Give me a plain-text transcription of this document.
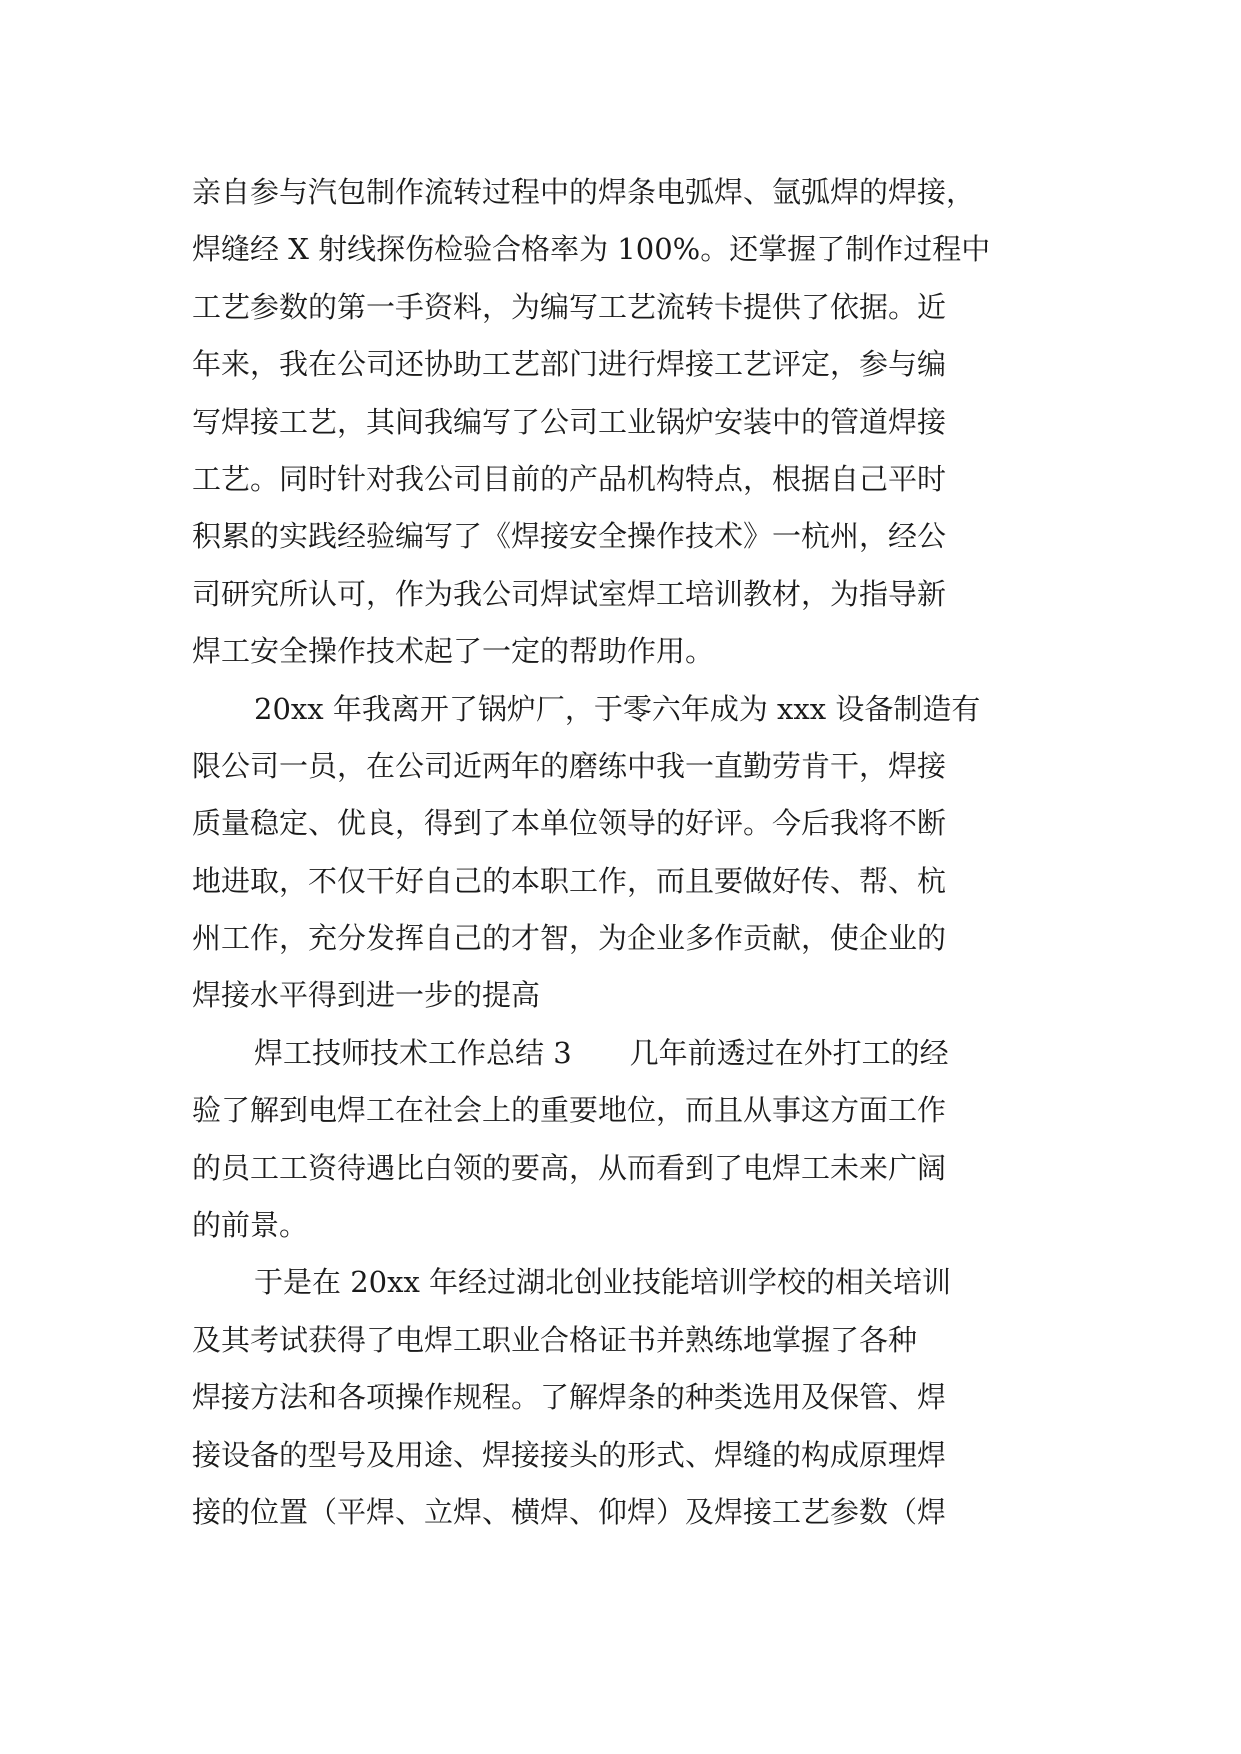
亲自参与汽包制作流转过程中的焊条电弧焊、氩弧焊的焊接，
焊缝经 X 射线探伤检验合格率为 100%。还掌握了制作过程中
工艺参数的第一手资料，为编写工艺流转卡提供了依据。近
年来，我在公司还协助工艺部门进行焊接工艺评定，参与编
写焊接工艺，其间我编写了公司工业锅炉安装中的管道焊接
工艺。同时针对我公司目前的产品机构特点，根据自己平时
积累的实践经验编写了《焊接安全操作技术》一杭州，经公
司研究所认可，作为我公司焊试室焊工培训教材，为指导新
焊工安全操作技术起了一定的帮助作用。
20xx 年我离开了锅炉厂，于零六年成为 xxx 设备制造有
限公司一员，在公司近两年的磨练中我一直勤劳肯干，焊接
质量稳定、优良，得到了本单位领导的好评。今后我将不断
地进取，不仅干好自己的本职工作，而且要做好传、帮、杭
州工作，充分发挥自己的才智，为企业多作贡献，使企业的
焊接水平得到进一步的提高
焊工技师技术工作总结 3　　几年前透过在外打工的经
验了解到电焊工在社会上的重要地位，而且从事这方面工作
的员工工资待遇比白领的要高，从而看到了电焊工未来广阔
的前景。
于是在 20xx 年经过湖北创业技能培训学校的相关培训
及其考试获得了电焊工职业合格证书并熟练地掌握了各种
焊接方法和各项操作规程。了解焊条的种类选用及保管、焊
接设备的型号及用途、焊接接头的形式、焊缝的构成原理焊
接的位置（平焊、立焊、横焊、仰焊）及焊接工艺参数（焊
